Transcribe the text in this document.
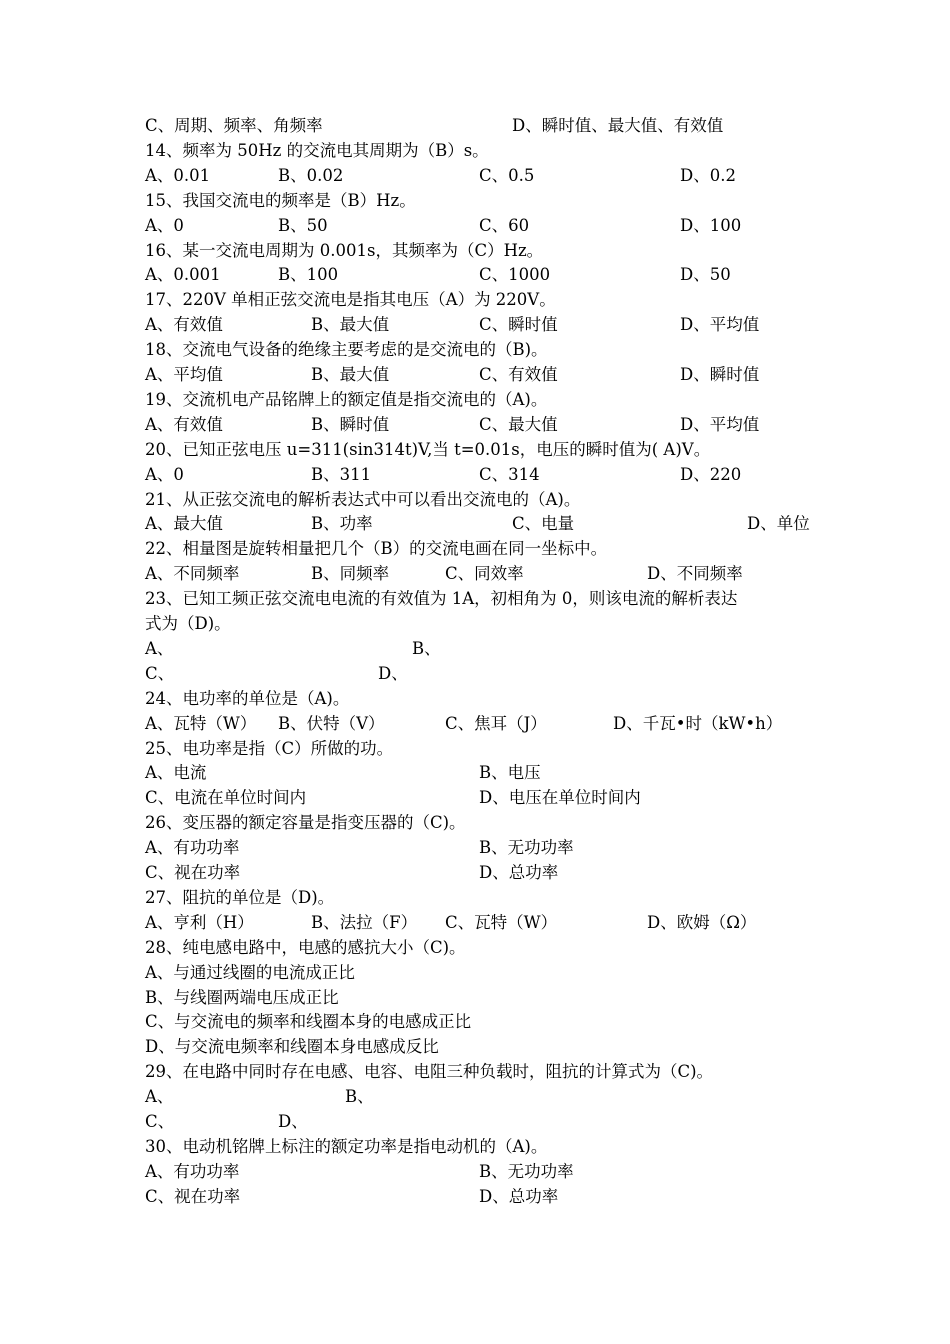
C、周期、频率、角频率	D、瞬时值、最大值、有效值
14、频率为 50Hz 的交流电其周期为（B）s。
A、0.01	B、0.02	C、0.5	D、0.2
15、我国交流电的频率是（B）Hz。
A、0	B、50	C、60	D、100
16、某一交流电周期为 0.001s，其频率为（C）Hz。
A、0.001	B、100	C、1000	D、50
17、220V 单相正弦交流电是指其电压（A）为 220V。
A、有效值	B、最大值	C、瞬时值	D、平均值
18、交流电气设备的绝缘主要考虑的是交流电的（B)。
A、平均值	B、最大值	C、有效值	D、瞬时值
19、交流机电产品铭牌上的额定值是指交流电的（A)。
A、有效值	B、瞬时值	C、最大值	D、平均值
20、已知正弦电压 u=311(sin314t)V,当 t=0.01s，电压的瞬时值为( A)V。
A、0	B、311	C、314	D、220
21、从正弦交流电的解析表达式中可以看出交流电的（A)。
A、最大值	B、功率	C、电量	D、单位
22、相量图是旋转相量把几个（B）的交流电画在同一坐标中。
A、不同频率	B、同频率	C、同效率	D、不同频率
23、已知工频正弦交流电电流的有效值为 1A，初相角为 0，则该电流的解析表达
式为（D)。
A、	B、
C、	D、
24、电功率的单位是（A)。
A、瓦特（W） B、伏特（V）	C、焦耳（J）	D、千瓦•时（kW•h）
25、电功率是指（C）所做的功。
A、电流	B、电压
C、电流在单位时间内	D、电压在单位时间内
26、变压器的额定容量是指变压器的（C)。
A、有功功率	B、无功功率
C、视在功率	D、总功率
27、阻抗的单位是（D)。
A、亨利（H）	B、法拉（F） C、瓦特（W）	D、欧姆（Ω）
28、纯电感电路中，电感的感抗大小（C)。
A、与通过线圈的电流成正比
B、与线圈两端电压成正比
C、与交流电的频率和线圈本身的电感成正比
D、与交流电频率和线圈本身电感成反比
29、在电路中同时存在电感、电容、电阻三种负载时，阻抗的计算式为（C)。
A、	B、
C、	D、
30、电动机铭牌上标注的额定功率是指电动机的（A)。
A、有功功率	B、无功功率
C、视在功率	D、总功率
